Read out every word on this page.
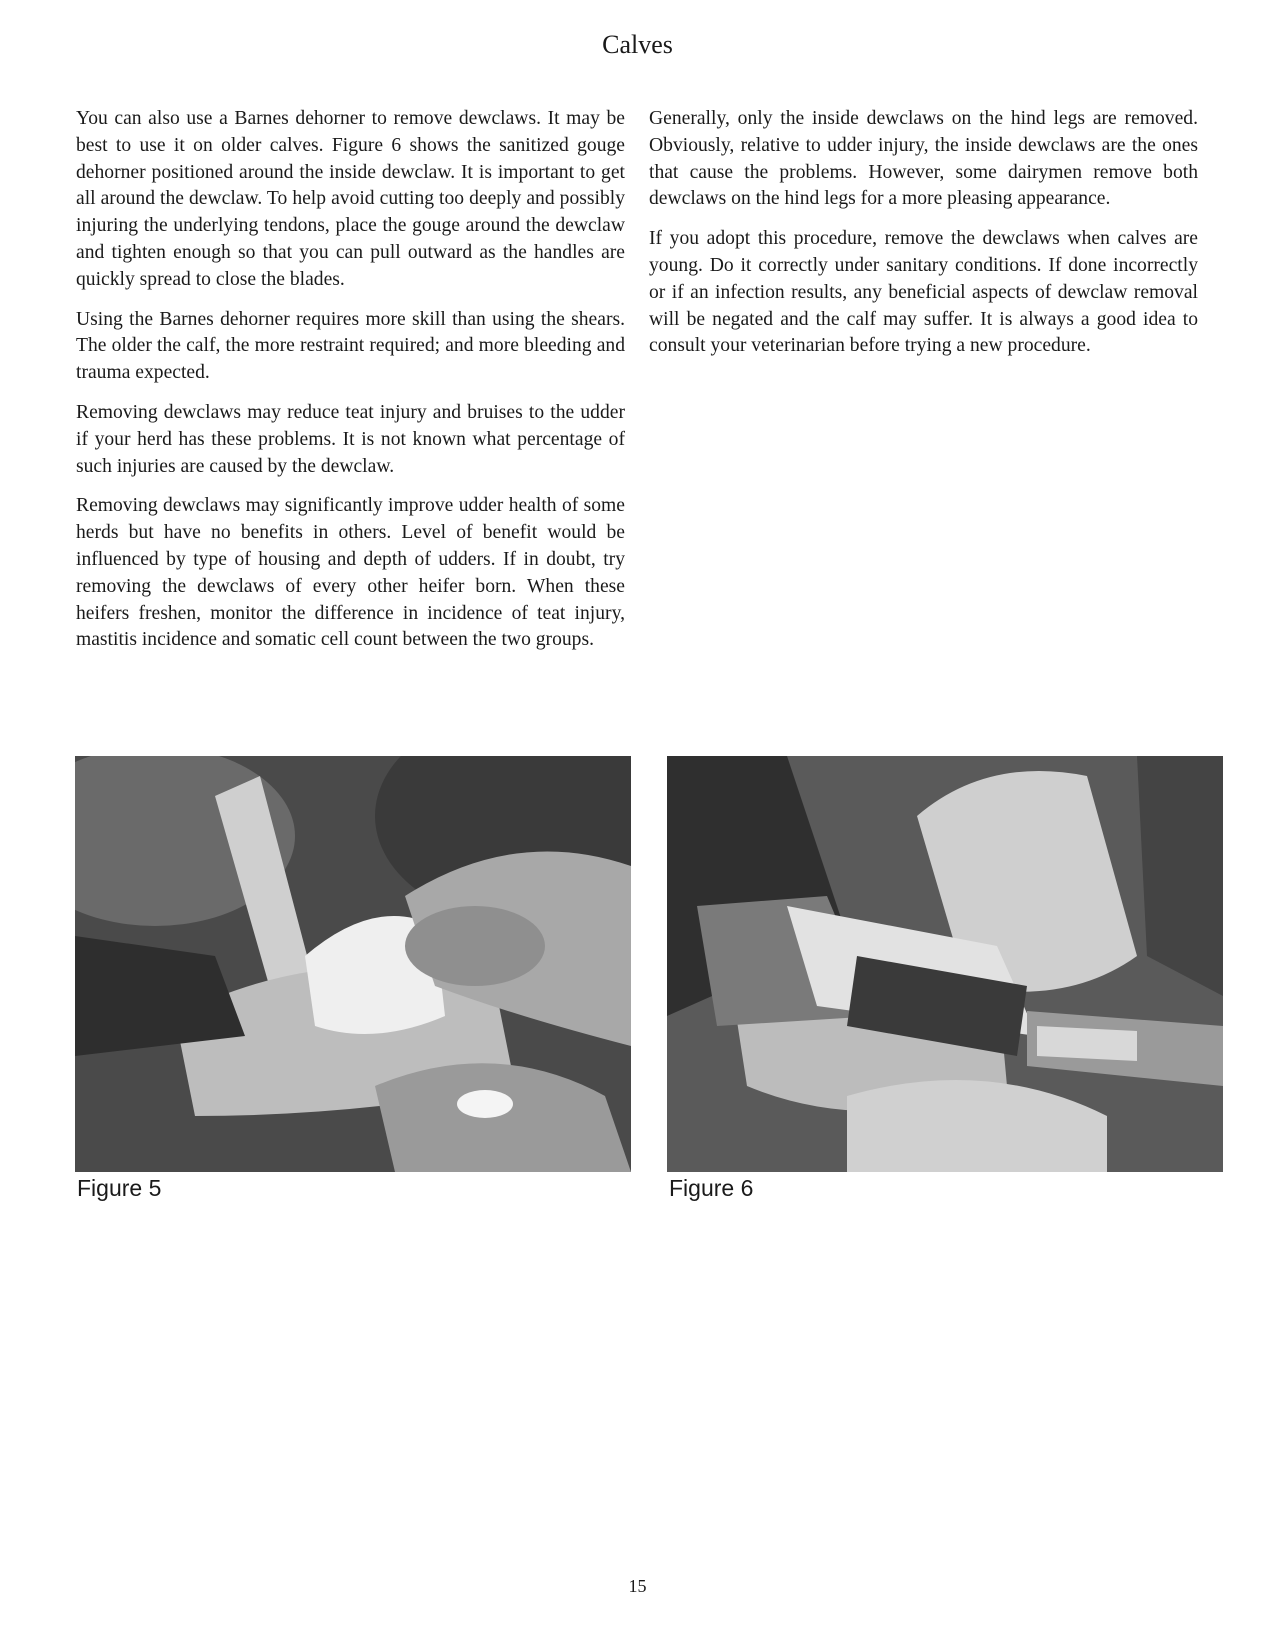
Calves

You can also use a Barnes dehorner to remove dewclaws. It may be best to use it on older calves. Figure 6 shows the sanitized gouge dehorner positioned around the inside dewclaw. It is important to get all around the dewclaw. To help avoid cutting too deeply and possibly injuring the underlying tendons, place the gouge around the dewclaw and tighten enough so that you can pull outward as the handles are quickly spread to close the blades.

Using the Barnes dehorner requires more skill than using the shears. The older the calf, the more restraint required; and more bleeding and trauma expected.

Removing dewclaws may reduce teat injury and bruises to the udder if your herd has these problems. It is not known what percentage of such injuries are caused by the dewclaw.

Removing dewclaws may significantly improve udder health of some herds but have no benefits in others. Level of benefit would be influenced by type of housing and depth of udders. If in doubt, try removing the dewclaws of every other heifer born. When these heifers freshen, monitor the difference in incidence of teat injury, mastitis incidence and somatic cell count between the two groups.

Generally, only the inside dewclaws on the hind legs are removed. Obviously, relative to udder injury, the inside dewclaws are the ones that cause the problems. However, some dairymen remove both dewclaws on the hind legs for a more pleasing appearance.

If you adopt this procedure, remove the dewclaws when calves are young. Do it correctly under sanitary conditions. If done incorrectly or if an infection results, any beneficial aspects of dewclaw removal will be negated and the calf may suffer. It is always a good idea to consult your veterinarian before trying a new procedure.

Figure 5	Figure 6
15
